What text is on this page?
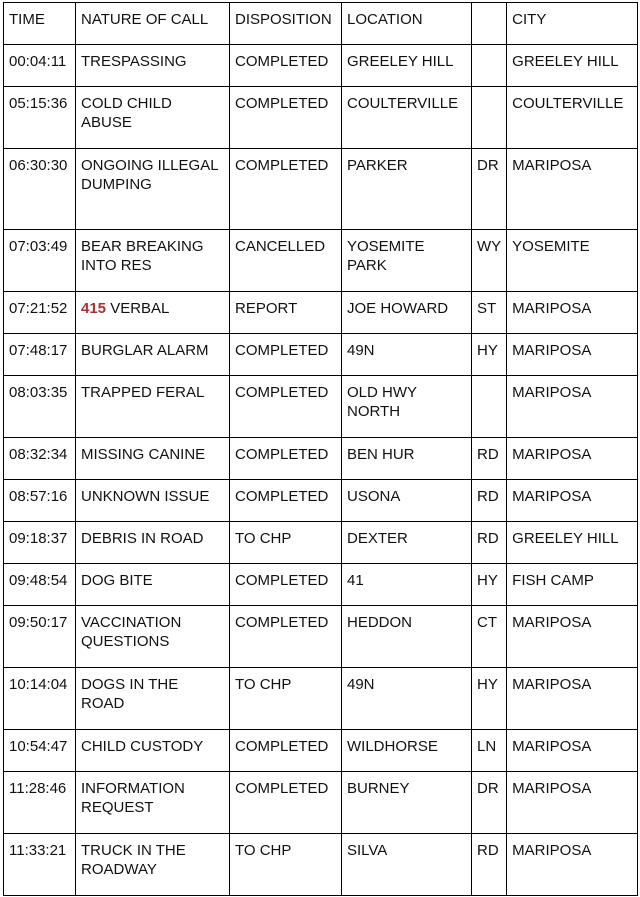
TIME	NATURE OF CALL	DISPOSITION	LOCATION		CITY
00:04:11	TRESPASSING	COMPLETED	GREELEY HILL		GREELEY HILL
05:15:36	COLD CHILD ABUSE	COMPLETED	COULTERVILLE		COULTERVILLE
06:30:30	ONGOING ILLEGAL DUMPING	COMPLETED	PARKER	DR	MARIPOSA
07:03:49	BEAR BREAKING INTO RES	CANCELLED	YOSEMITE PARK	WY	YOSEMITE
07:21:52	415 VERBAL	REPORT	JOE HOWARD	ST	MARIPOSA
07:48:17	BURGLAR ALARM	COMPLETED	49N	HY	MARIPOSA
08:03:35	TRAPPED FERAL	COMPLETED	OLD HWY NORTH		MARIPOSA
08:32:34	MISSING CANINE	COMPLETED	BEN HUR	RD	MARIPOSA
08:57:16	UNKNOWN ISSUE	COMPLETED	USONA	RD	MARIPOSA
09:18:37	DEBRIS IN ROAD	TO CHP	DEXTER	RD	GREELEY HILL
09:48:54	DOG BITE	COMPLETED	41	HY	FISH CAMP
09:50:17	VACCINATION QUESTIONS	COMPLETED	HEDDON	CT	MARIPOSA
10:14:04	DOGS IN THE ROAD	TO CHP	49N	HY	MARIPOSA
10:54:47	CHILD CUSTODY	COMPLETED	WILDHORSE	LN	MARIPOSA
11:28:46	INFORMATION REQUEST	COMPLETED	BURNEY	DR	MARIPOSA
11:33:21	TRUCK IN THE ROADWAY	TO CHP	SILVA	RD	MARIPOSA
